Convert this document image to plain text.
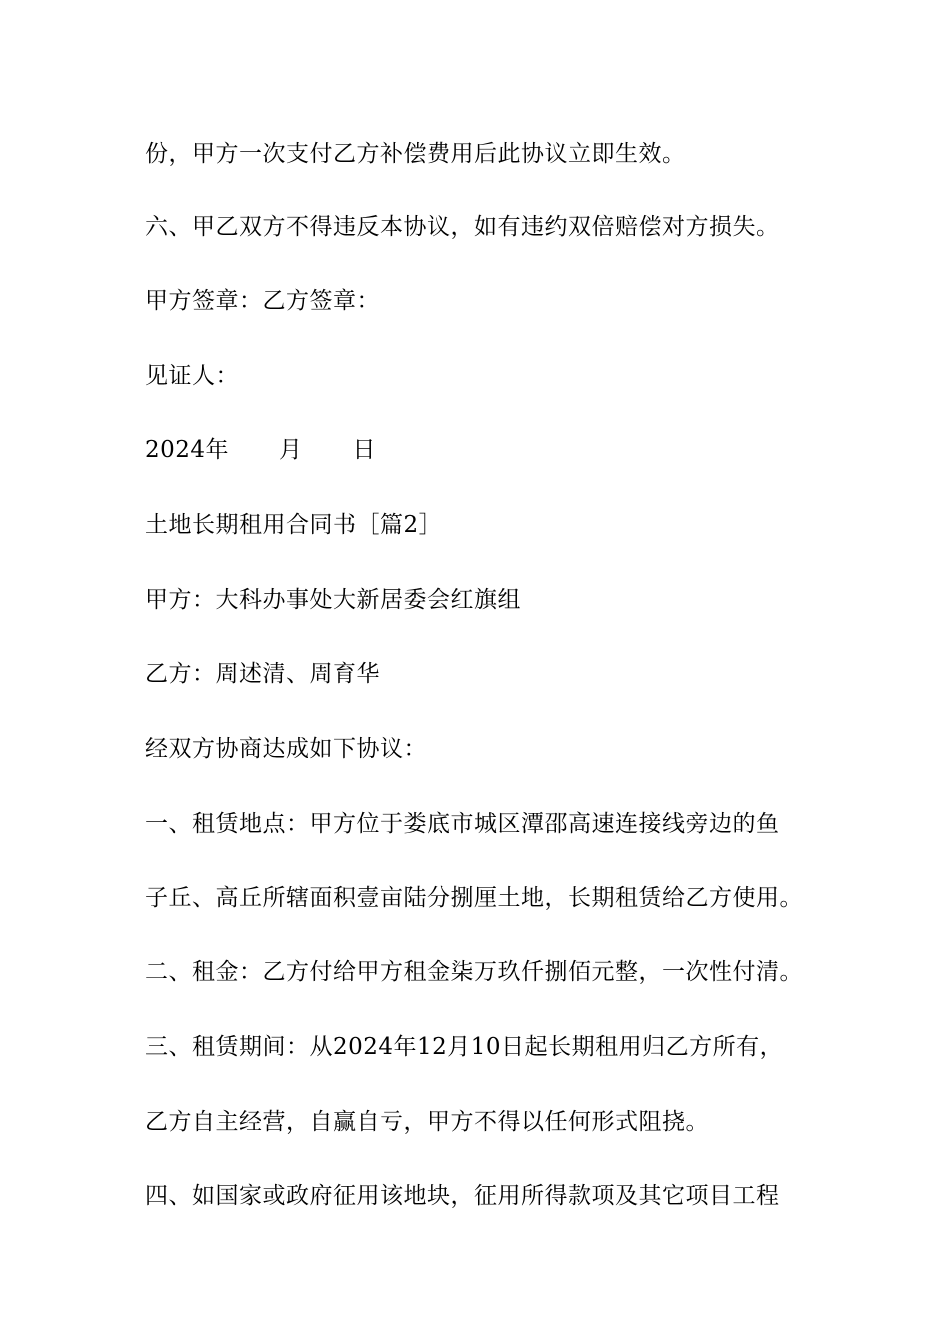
份，甲方一次支付乙方补偿费用后此协议立即生效。
六、甲乙双方不得违反本协议，如有违约双倍赔偿对方损失。
甲方签章：乙方签章：
见证人：
2024年 月 日
土地长期租用合同书［篇2］
甲方：大科办事处大新居委会红旗组
乙方：周述清、周育华
经双方协商达成如下协议：
一、租赁地点：甲方位于娄底市城区潭邵高速连接线旁边的鱼
子丘、高丘所辖面积壹亩陆分捌厘土地，长期租赁给乙方使用。
二、租金：乙方付给甲方租金柒万玖仟捌佰元整，一次性付清。
三、租赁期间：从2024年12月10日起长期租用归乙方所有，
乙方自主经营，自赢自亏，甲方不得以任何形式阻挠。
四、如国家或政府征用该地块，征用所得款项及其它项目工程
